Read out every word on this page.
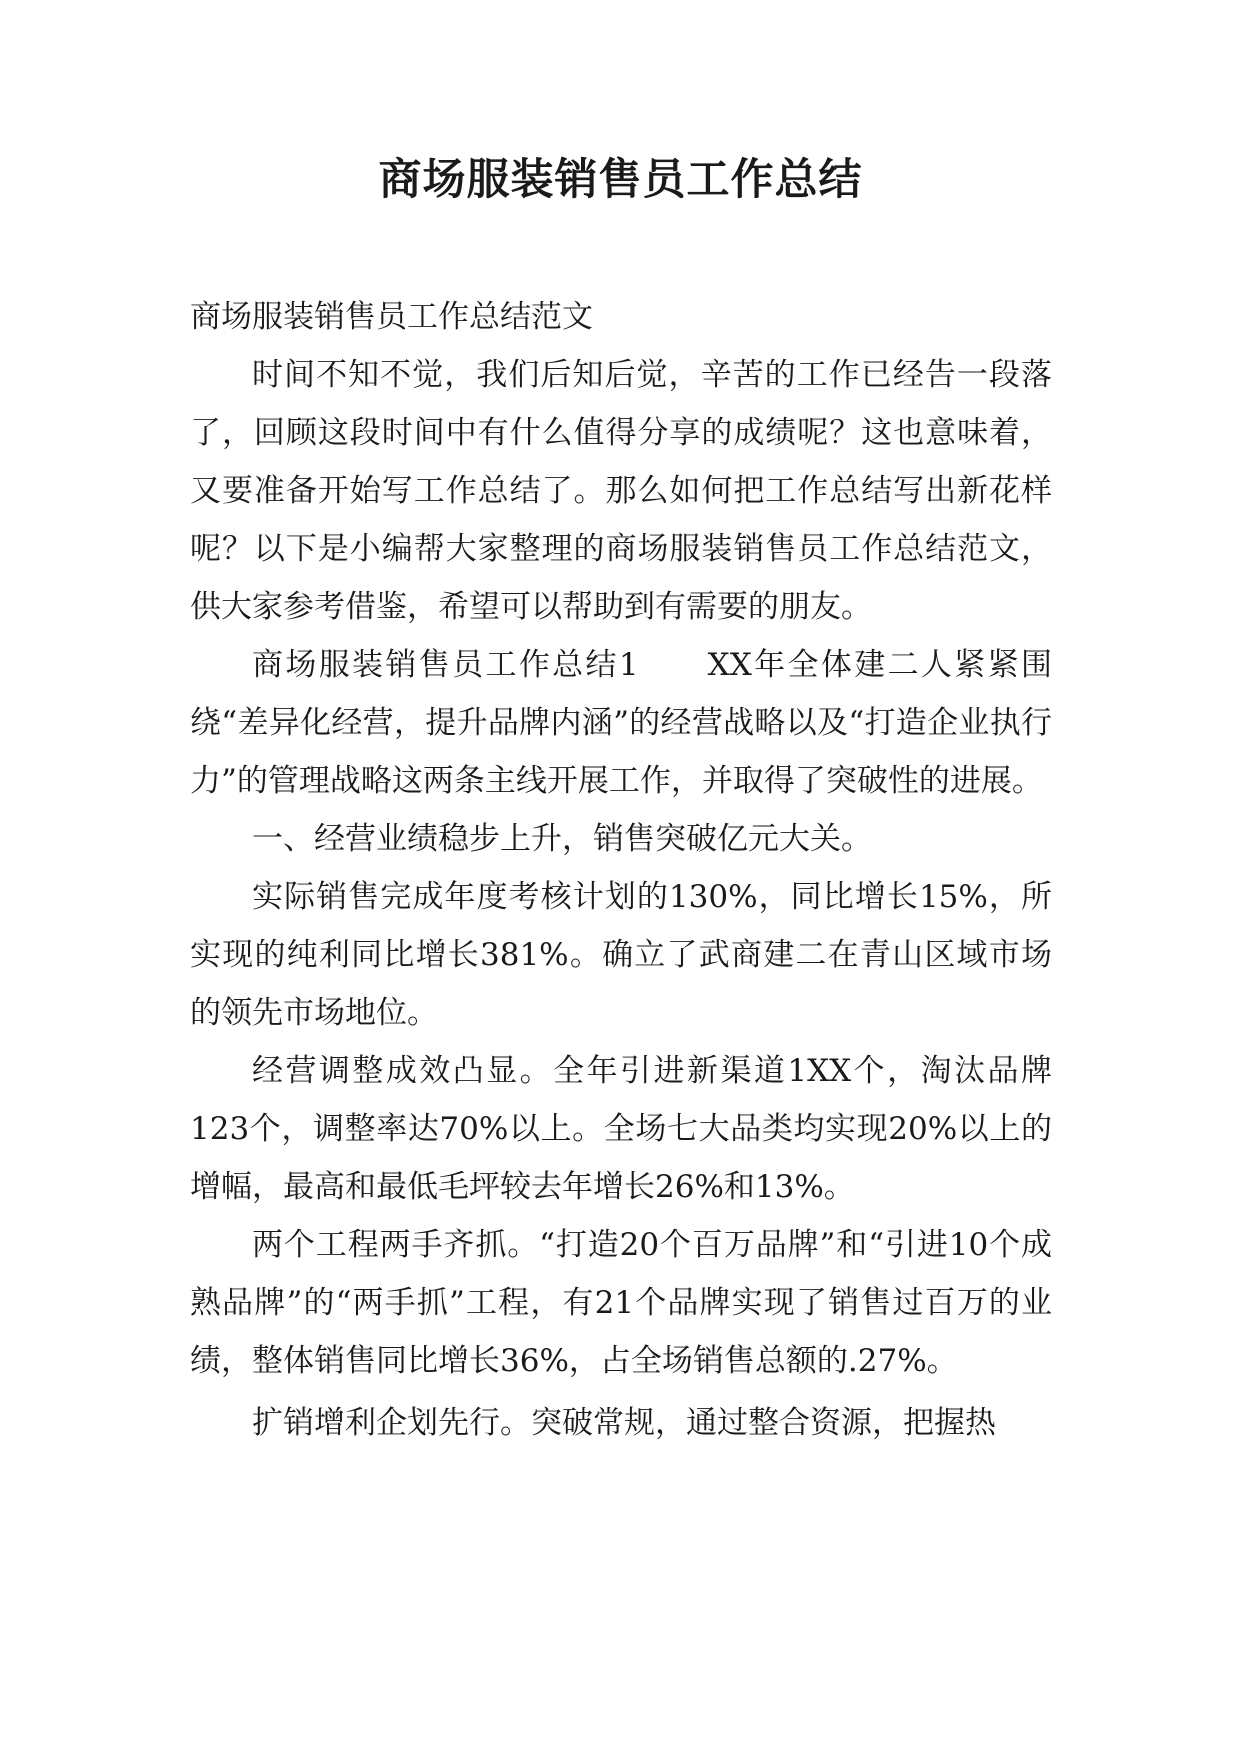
商场服装销售员工作总结

商场服装销售员工作总结范文

时间不知不觉，我们后知后觉，辛苦的工作已经告一段落了，回顾这段时间中有什么值得分享的成绩呢？这也意味着，又要准备开始写工作总结了。那么如何把工作总结写出新花样呢？以下是小编帮大家整理的商场服装销售员工作总结范文，供大家参考借鉴，希望可以帮助到有需要的朋友。

商场服装销售员工作总结1　　XX年全体建二人紧紧围绕“差异化经营，提升品牌内涵”的经营战略以及“打造企业执行力”的管理战略这两条主线开展工作，并取得了突破性的进展。

一、经营业绩稳步上升，销售突破亿元大关。

实际销售完成年度考核计划的130%，同比增长15%，所实现的纯利同比增长381%。确立了武商建二在青山区域市场的领先市场地位。

经营调整成效凸显。全年引进新渠道1XX个，淘汰品牌123个，调整率达70%以上。全场七大品类均实现20%以上的增幅，最高和最低毛坪较去年增长26%和13%。

两个工程两手齐抓。“打造20个百万品牌”和“引进10个成熟品牌”的“两手抓”工程，有21个品牌实现了销售过百万的业绩，整体销售同比增长36%，占全场销售总额的.27%。

扩销增利企划先行。突破常规，通过整合资源，把握热
